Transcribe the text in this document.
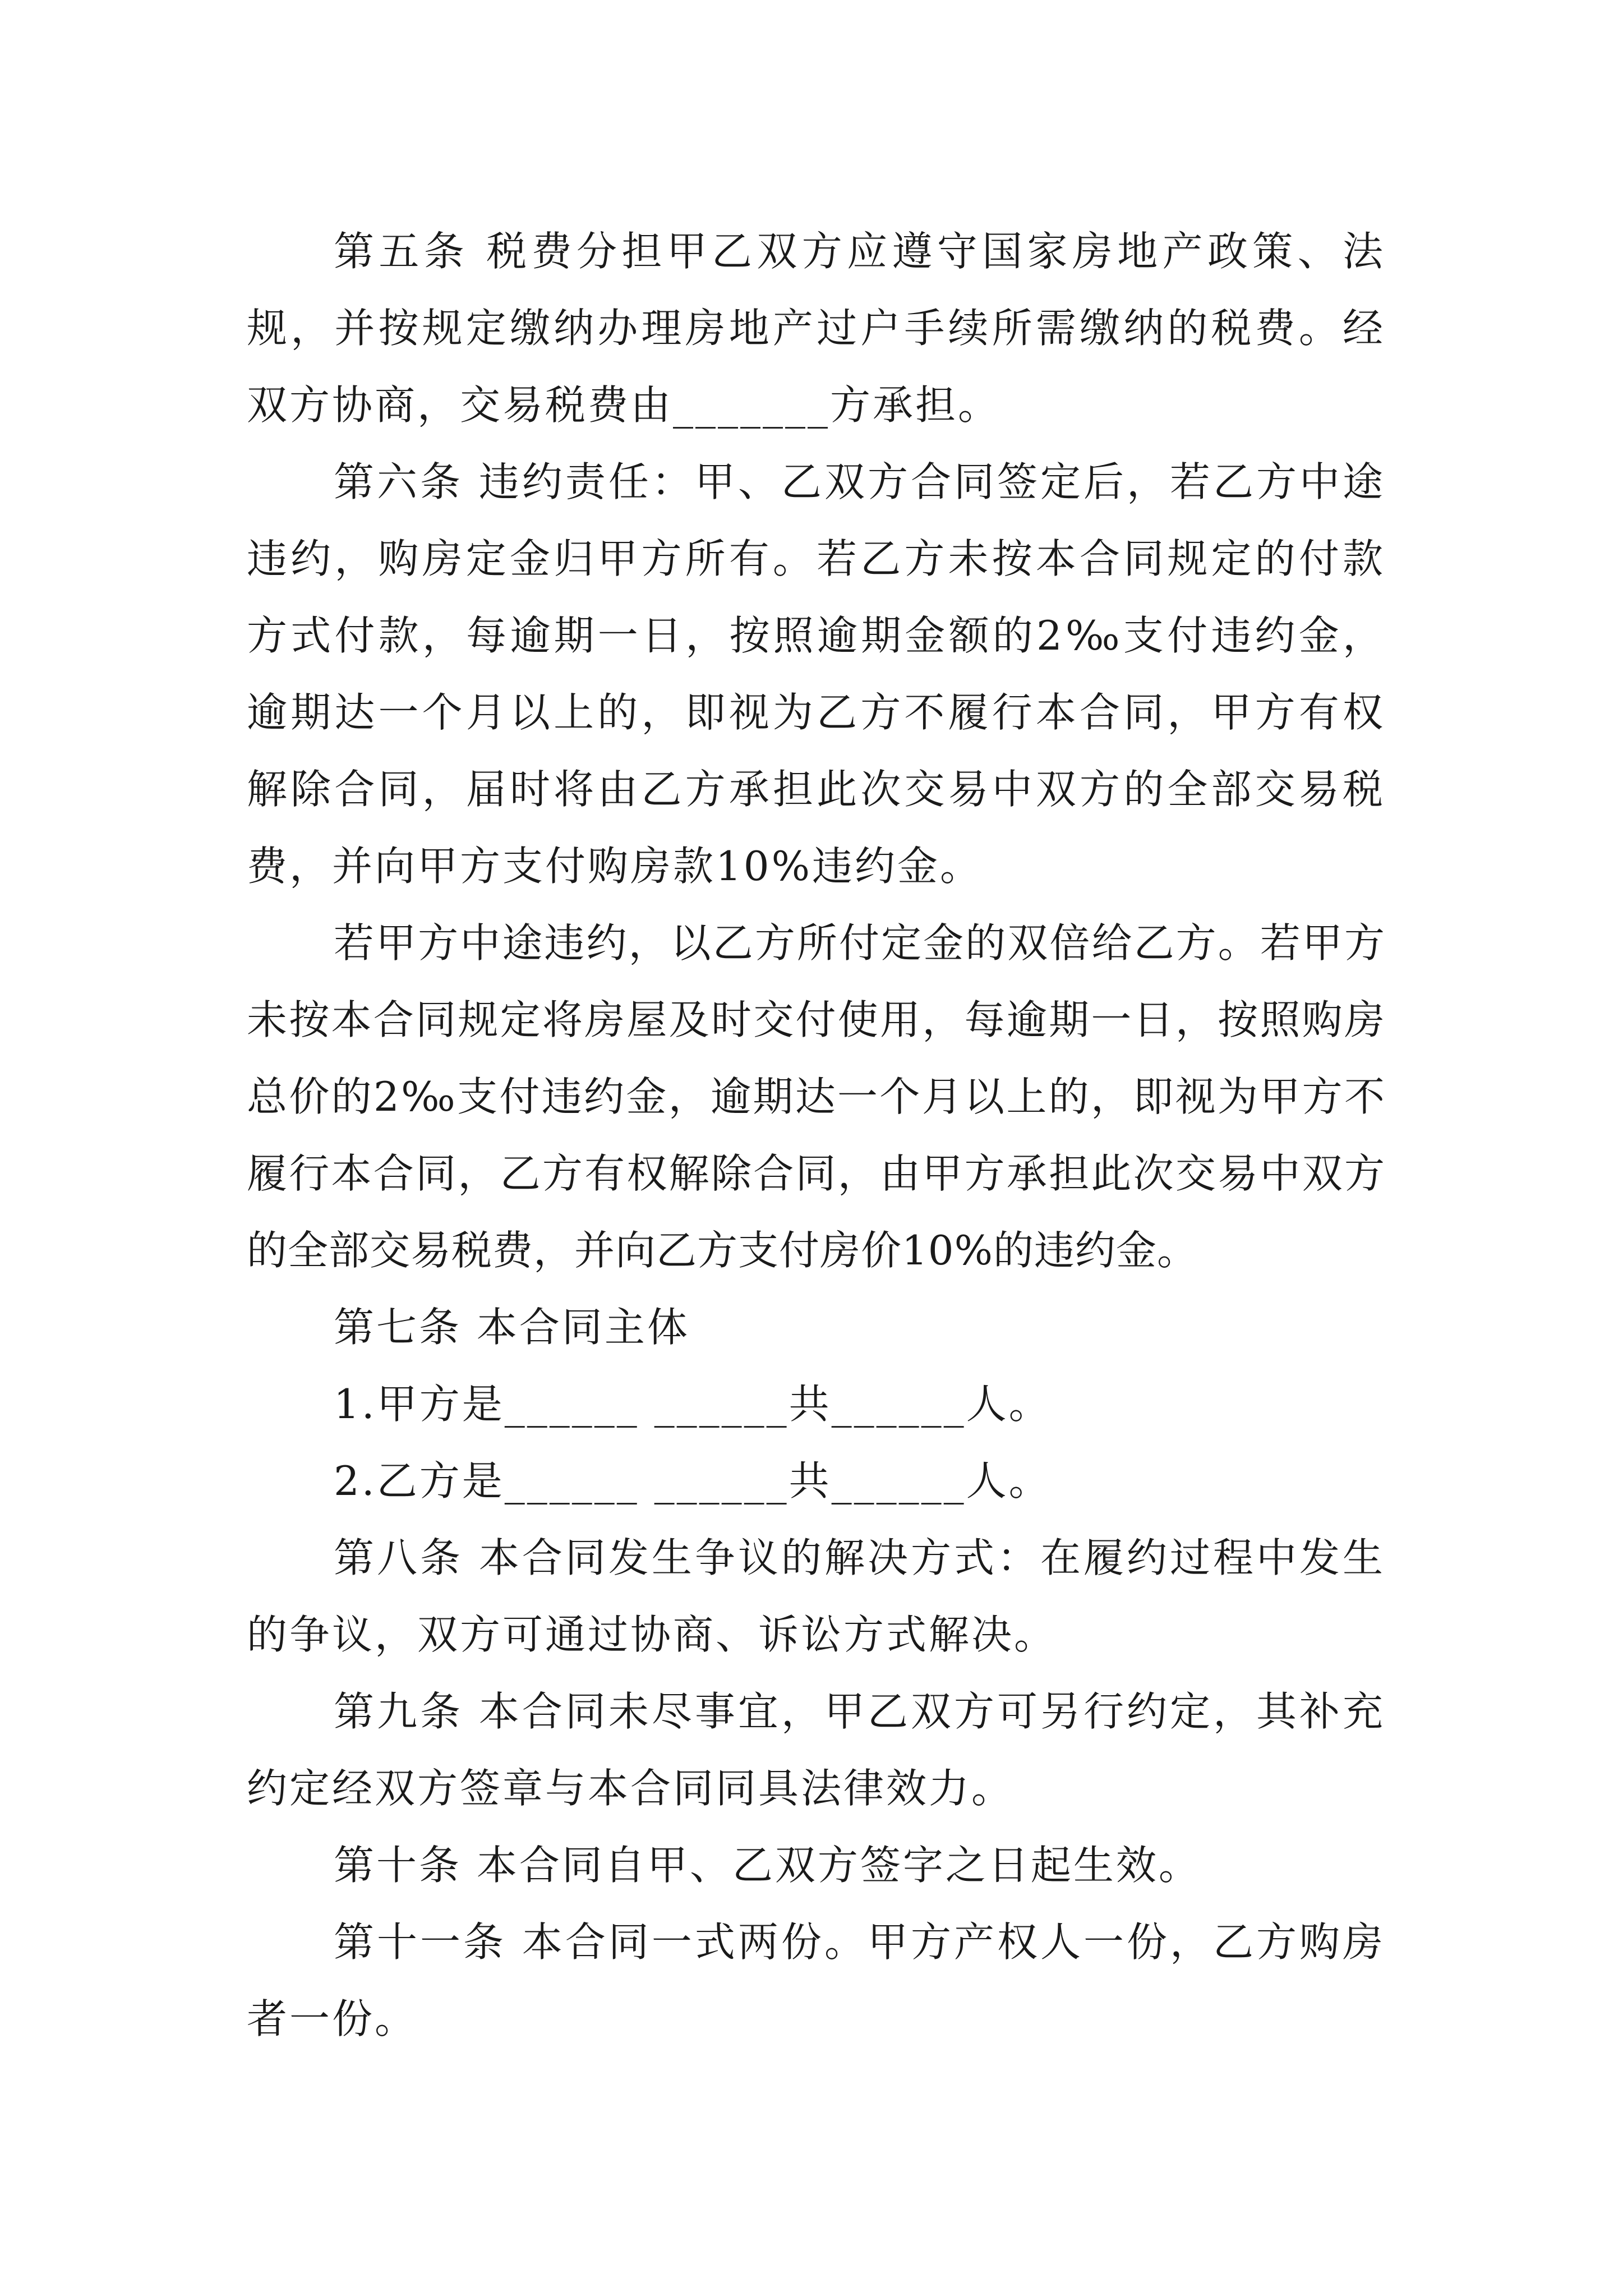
第五条 税费分担甲乙双方应遵守国家房地产政策、法规，并按规定缴纳办理房地产过户手续所需缴纳的税费。经双方协商，交易税费由_______方承担。

第六条 违约责任：甲、乙双方合同签定后，若乙方中途违约，购房定金归甲方所有。若乙方未按本合同规定的付款方式付款，每逾期一日，按照逾期金额的2‰支付违约金，逾期达一个月以上的，即视为乙方不履行本合同，甲方有权解除合同，届时将由乙方承担此次交易中双方的全部交易税费，并向甲方支付购房款10%违约金。

若甲方中途违约，以乙方所付定金的双倍给乙方。若甲方未按本合同规定将房屋及时交付使用，每逾期一日，按照购房总价的2‰支付违约金，逾期达一个月以上的，即视为甲方不履行本合同，乙方有权解除合同，由甲方承担此次交易中双方的全部交易税费，并向乙方支付房价10%的违约金。

第七条 本合同主体

1.甲方是______ ______共______人。

2.乙方是______ ______共______人。

第八条 本合同发生争议的解决方式：在履约过程中发生的争议，双方可通过协商、诉讼方式解决。

第九条 本合同未尽事宜，甲乙双方可另行约定，其补充约定经双方签章与本合同同具法律效力。

第十条 本合同自甲、乙双方签字之日起生效。

第十一条 本合同一式两份。甲方产权人一份，乙方购房者一份。
